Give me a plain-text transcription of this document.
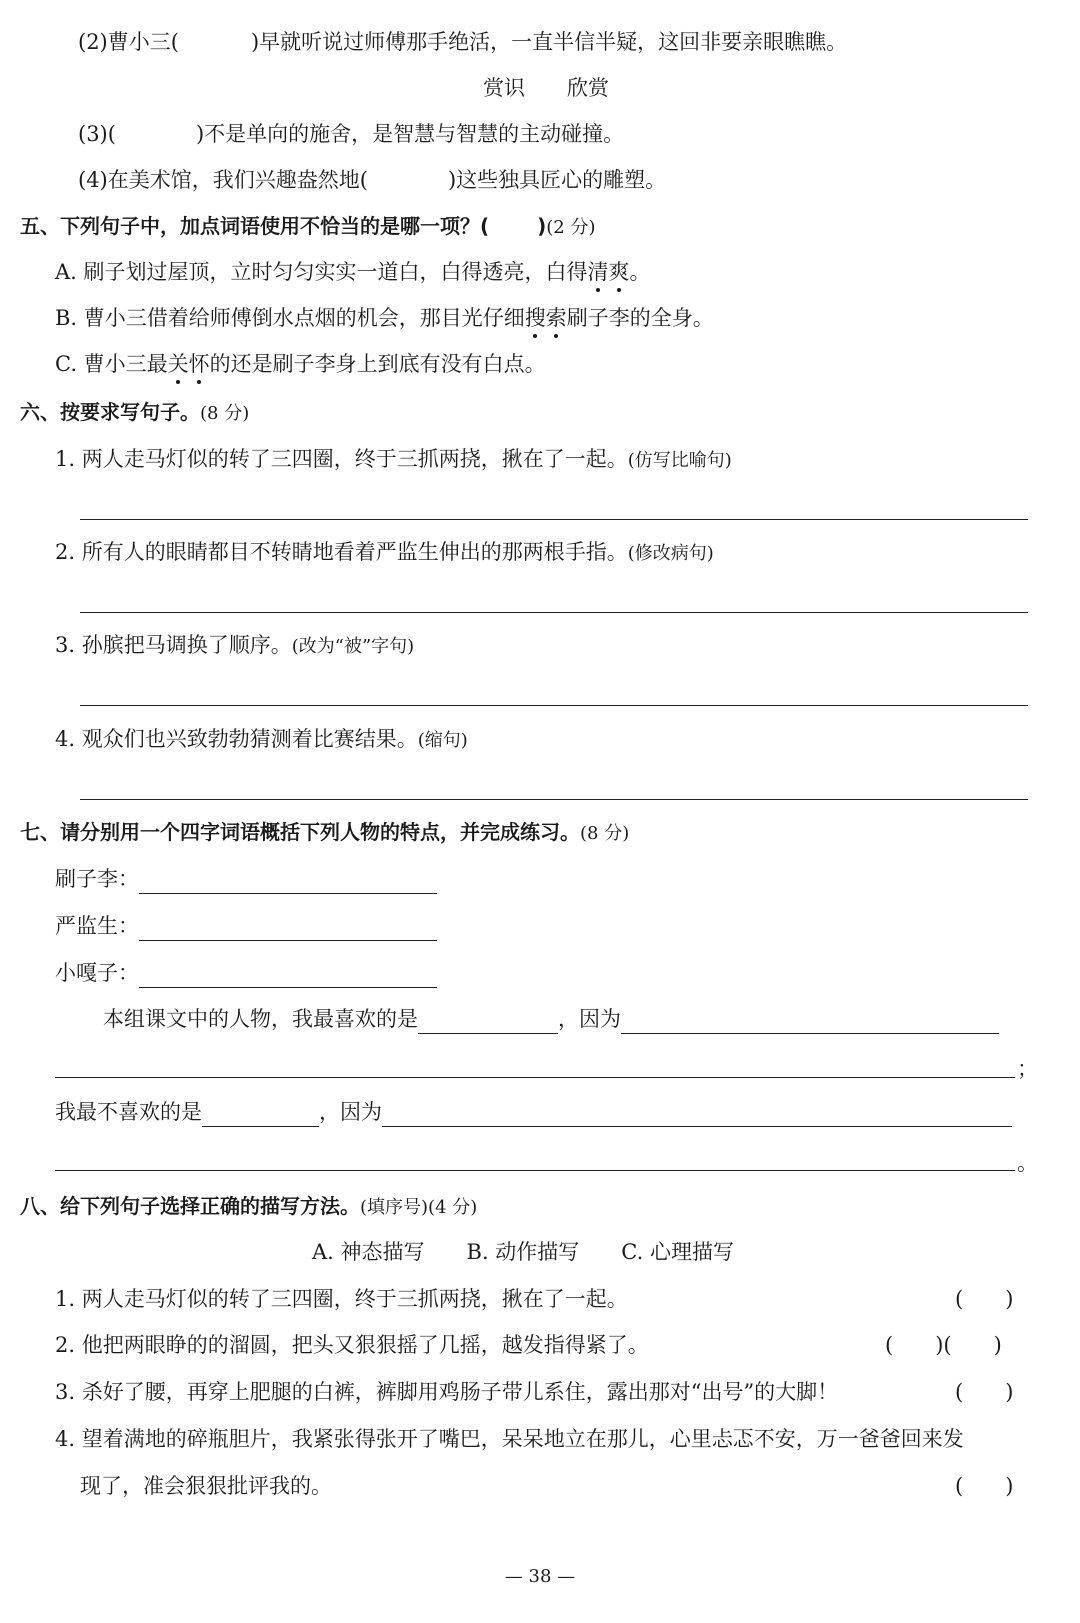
(2)曹小三(	)早就听说过师傅那手绝活，一直半信半疑，这回非要亲眼瞧瞧。
赏识　　欣赏
(3)(	)不是单向的施舍，是智慧与智慧的主动碰撞。
(4)在美术馆，我们兴趣盎然地(	)这些独具匠心的雕塑。
五、下列句子中，加点词语使用不恰当的是哪一项？( )(2 分)
A. 刷子划过屋顶，立时匀匀实实一道白，白得透亮，白得清爽。
B. 曹小三借着给师傅倒水点烟的机会，那目光仔细搜索刷子李的全身。
C. 曹小三最关怀的还是刷子李身上到底有没有白点。
六、按要求写句子。(8 分)
1. 两人走马灯似的转了三四圈，终于三抓两挠，揪在了一起。(仿写比喻句)
2. 所有人的眼睛都目不转睛地看着严监生伸出的那两根手指。(修改病句)
3. 孙膑把马调换了顺序。(改为“被”字句)
4. 观众们也兴致勃勃猜测着比赛结果。(缩句)
七、请分别用一个四字词语概括下列人物的特点，并完成练习。(8 分)
刷子李：
严监生：
小嘎子：
本组课文中的人物，我最喜欢的是	，因为
；
我最不喜欢的是	，因为
。
八、给下列句子选择正确的描写方法。(填序号)(4 分)
A. 神态描写　　B. 动作描写　　C. 心理描写
1. 两人走马灯似的转了三四圈，终于三抓两挠，揪在了一起。	(　　)
2. 他把两眼睁的的溜圆，把头又狠狠摇了几摇，越发指得紧了。	(　　)(　　)
3. 杀好了腰，再穿上肥腿的白裤，裤脚用鸡肠子带儿系住，露出那对“出号”的大脚！	(　　)
4. 望着满地的碎瓶胆片，我紧张得张开了嘴巴，呆呆地立在那儿，心里忐忑不安，万一爸爸回来发
现了，准会狠狠批评我的。	(　　)
— 38 —
